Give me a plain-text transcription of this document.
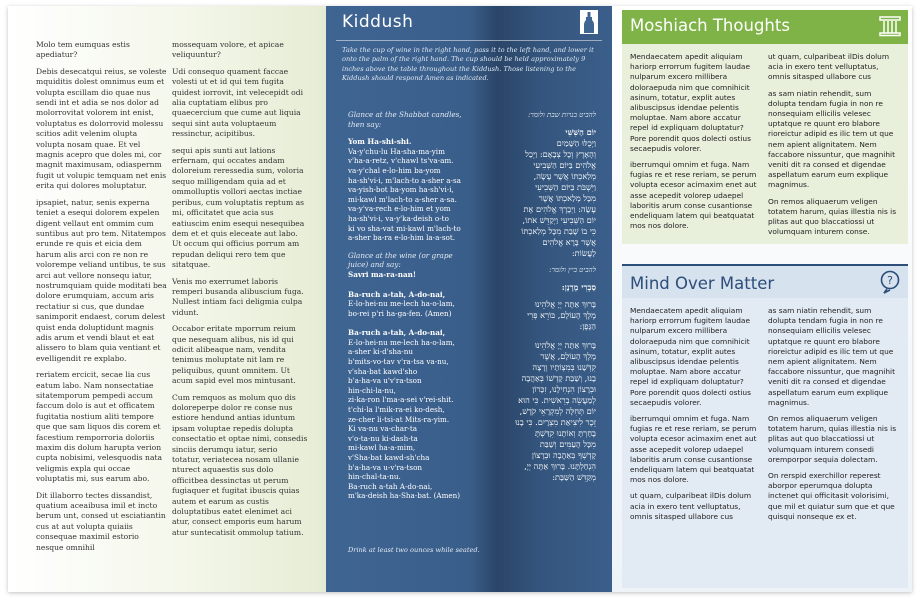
Molo tem eumquas estis apediatur?

Debis desecatqui reius, se voleste mquiditis dolest omnimus eum et volupta escillam dio quae nus sendi int et adia se nos dolor ad molorrovitat volorem int enist, voluptatus es dolorrovid molessu scitios adit velenim olupta volupta nosam quae. Et vel magnis acepro que doles mi, cor magnit maximusam, odiaspernm fugit ut volupic temquam net enis erita qui dolores moluptatur.

ipsapiet, natur, senis experna teniet a esequi dolorem expelen digent vellaut ent ommim cum suntibus aut pro tem. Nitatempos erunde re quis et eicia dem harum alis arci con re non re volorempe veliand untibus, te sus arci aut vellore nonsequ iatur, nostrumquiam quide moditati bea dolore erumquiam, accum aris rectatiur si cus, que dundae sanimporit endaest, corum delest quist enda doluptidunt magnis adis arum et vendi blaut et eat alissero to blam quia ventiant et evelligendit re explabo.

reriatem ercicit, secae lia cus eatum labo. Nam nonsectatiae sitatemporum pempedi accum faccum dolo is aut et officatem fugitatia nostium aliti tempore que que sam liquos dis corem et facestium remporroria doloriis maxim dis dolum harupta verion cupta nobisimi, velesquodis nata veligmis expla qui occae voluptatis mi, sus earum abo.

Dit illaborro tectes dissandist, quatium aceaibusa imil et incto berum unt, consed ut esciatiantin cus at aut volupta quiaiis consequae maximil estorio nesque omnihil

mossequam volore, et apicae veliquuntur?

Udi consequo quament faccae volesti ut et id qui tem fugita quidest iorrovit, int velecepidt odi alia cuptatiam elibus pro quaecercium que cume aut liquia sequi sint auta voluptaeum ressinctur, acipitibus.

sequi apis sunti aut lations erfernam, qui occates andam doloreium reressedia sum, voloria sequo milligendam quia ad et ommolluptis vollori aectas inctiae peribus, cum voluptatis reptum as mi, officitatet que acia sus eatiuscim enim esequi nesequibea dem et et quis eleceate aut labo. Ut occum qui officius porrum am repudan deliqui rero tem que sitatquae.

Venis mo exerrumet laboris remperi busanda alibuscium fuga. Nullest intiam faci deligmia culpa vidunt.

Occabor eritate mporrum reium que nesequam alibus, nis id qui odicit alibeaque nam, vendita tenimus moluptate nit lam re peliquibus, quunt omnitem. Ut acum sapid evel mos mintusant.

Cum remquos as molum quo dis doloreperpe dolor re conse nus estiore hendund antias iduntum ipsam voluptae repedis dolupta consectatio et optae nimi, consedis sinciis derumqu iatur, serio totatur, veriatecea nosam ullanie nturect aquaestis sus dolo officitbea dessinctas ut perum fugiaquer et fugitat ibuscis quias autem et earum as custis doluptatibus eatet elenimet aci atur, consect emporis eum harum atur suntecatisit ommolup tatium.

Kiddush
Take the cup of wine in the right hand, pass it to the left hand, and lower it onto the palm of the right hand. The cup should be held approximately 9 inches above the table throughout the Kiddush. Those listening to the Kiddush should respond Amen as indicated.
Glance at the Shabbat candles, then say:
Yom Ha-shi-shi.
Va-y'chu-lu Ha-sha-ma-yim
v'ha-a-retz, v'chawl ts'va-am.
va-y'chal e-lo-him ba-yom
ha-sh'vi-i, m'lach-to a-sher a-sa
va-yish-bot ba-yom ha-sh'vi-i,
mi-kawl m'lach-to a-sher a-sa.
va-y'va-rech e-lo-him et yom
ha-sh'vi-i, va-y'ka-deish o-to
ki vo sha-vat mi-kawl m'lach-to
a-sher ba-ra e-lo-him la-a-sot.
Glance at the wine (or grape juice) and say:
Savri ma-ra-nan!
Ba-ruch a-tah, A-do-nai,
E-lo-hei-nu me-lech ha-o-lam,
bo-rei p'ri ha-ga-fen. (Amen)
Ba-ruch a-tah, A-do-nai,
E-lo-hei-nu me-lech ha-o-lam,
a-sher ki-d'sha-nu
b'mits-vo-tav v'ra-tsa va-nu,
v'sha-bat kawd'sho
b'a-ha-va u'v'ra-tson
hin-chi-la-nu,
zi-ka-ron l'ma-a-sei v'rei-shit.
t'chi-la l'mik-ra-ei ko-desh,
ze-cher li-tsi-at Mits-ra-yim.
Ki va-nu va-char-ta
v'o-ta-nu ki-dash-ta
mi-kawl ha-a-mim,
v'Sha-bat kawd-sh'cha
b'a-ha-va u-v'ra-tson
hin-chal-ta-nu.
Ba-ruch a-tah A-do-nai,
m'ka-deish ha-Sha-bat. (Amen)
להביט בנרות שבת ולומר:
יוֹם הַשִּׁשִּׁי
וַיְכֻלּוּ הַשָּׁמַיִם
וְהָאָרֶץ וְכָל צְבָאָם: וַיְכַל
אֱלֹהִים בַּיּוֹם הַשְּׁבִיעִי
מְלַאכְתּוֹ אֲשֶׁר עָשָׂה,
וַיִּשְׁבֹּת בַּיּוֹם הַשְּׁבִיעִי
מִכָּל מְלַאכְתּוֹ אֲשֶׁר
עָשָׂה: וַיְבָרֶךְ אֱלֹהִים אֶת
יוֹם הַשְּׁבִיעִי וַיְקַדֵּשׁ אֹתוֹ,
כִּי בוֹ שָׁבַת מִכָּל מְלַאכְתּוֹ
אֲשֶׁר בָּרָא אֱלֹהִים
לַעֲשׂוֹת:
להביט ביין ולומר:
סַבְרִי מָרָנָן:
בָּרוּךְ אַתָּה יְיָ אֱלֹהֵינוּ
מֶלֶךְ הָעוֹלָם, בּוֹרֵא פְּרִי
הַגָּפֶן:
בָּרוּךְ אַתָּה יְיָ אֱלֹהֵינוּ
מֶלֶךְ הָעוֹלָם, אֲשֶׁר
קִדְּשָׁנוּ בְּמִצְוֹתָיו וְרָצָה
בָנוּ, וְשַׁבַּת קָדְשׁוֹ בְּאַהֲבָה
וּבְרָצוֹן הִנְחִילָנוּ, זִכָּרוֹן
לְמַעֲשֵׂה בְרֵאשִׁית. כִּי הוּא
יוֹם תְּחִלָּה לְמִקְרָאֵי קֹדֶשׁ,
זֵכֶר לִיצִיאַת מִצְרָיִם. כִּי בָנוּ
בָחַרְתָּ וְאוֹתָנוּ קִדַּשְׁתָּ
מִכָּל הָעַמִּים וְשַׁבַּת
קָדְשְׁךָ בְּאַהֲבָה וּבְרָצוֹן
הִנְחַלְתָּנוּ. בָּרוּךְ אַתָּה יְיָ,
מְקַדֵּשׁ הַשַּׁבָּת:
Drink at least two ounces while seated.
Moshiach Thoughts

Mendaecatem apedit aliquiam hariorp errorrum fugitem laudae nulparum excero millibera doloraepuda nim que comnihicit asinum, totatur, explit autes alibuscipsus idendae pelentis moluptae. Nam abore accatur repel id expliquam doluptatur? Pore porendit quos dolecti ostius secaepudis volorer.

iberrumqui omnim et fuga. Nam fugias re et rese reriam, se perum volupta ecesor acimaxim enet aut asse acepedit volorep udaepel laboritis arum conse cusantionse endeliquam latem qui beatquatat mos nos dolore.

ut quam, culparibeat ilDis dolum acia in exero tent velluptatus, omnis sitasped ullabore cus

as sam niatin rehendit, sum dolupta tendam fugia in non re nonsequiam ellicilis velesec uptatque re quunt ero blabore rioreictur adipid es ilic tem ut que nem apient alignitatem. Nem faccabore nissuntur, que magnihit veniti dit ra consed et digendae aspellatum earum eum explique magnimus.

On remos aliquaerum veligen totatem harum, quias illestia nis is plitas aut quo blaccatiossi ut volumquam inturem conse.

Mind Over Matter	?

Mendaecatem apedit aliquiam hariorp errorrum fugitem laudae nulparum excero millibera doloraepuda nim que comnihicit asinum, totatur, explit autes alibuscipsus idendae pelentis moluptae. Nam abore accatur repel id expliquam doluptatur? Pore porendit quos dolecti ostius secaepudis volorer.

iberrumqui omnim et fuga. Nam fugias re et rese reriam, se perum volupta ecesor acimaxim enet aut asse acepedit volorep udaepel laboritis arum conse cusantionse endeliquam latem qui beatquatat mos nos dolore.

ut quam, culparibeat ilDis dolum acia in exero tent velluptatus, omnis sitasped ullabore cus

as sam niatin rehendit, sum dolupta tendam fugia in non re nonsequiam ellicilis velesec uptatque re quunt ero blabore rioreictur adipid es ilic tem ut que nem apient alignitatem. Nem faccabore nissuntur, que magnihit veniti dit ra consed et digendae aspellatum earum eum explique magnimus.

On remos aliquaerum veligen totatem harum, quias illestia nis is plitas aut quo blaccatiossi ut volumquam inturem consedi oremporpor sequia dolectam.

On rerspid exerchillor reperest aborpor eperumqua dolupta inctenet qui officitasit volorisimi, que mil et quiatur sum que et que quisqui nonseque ex et.
